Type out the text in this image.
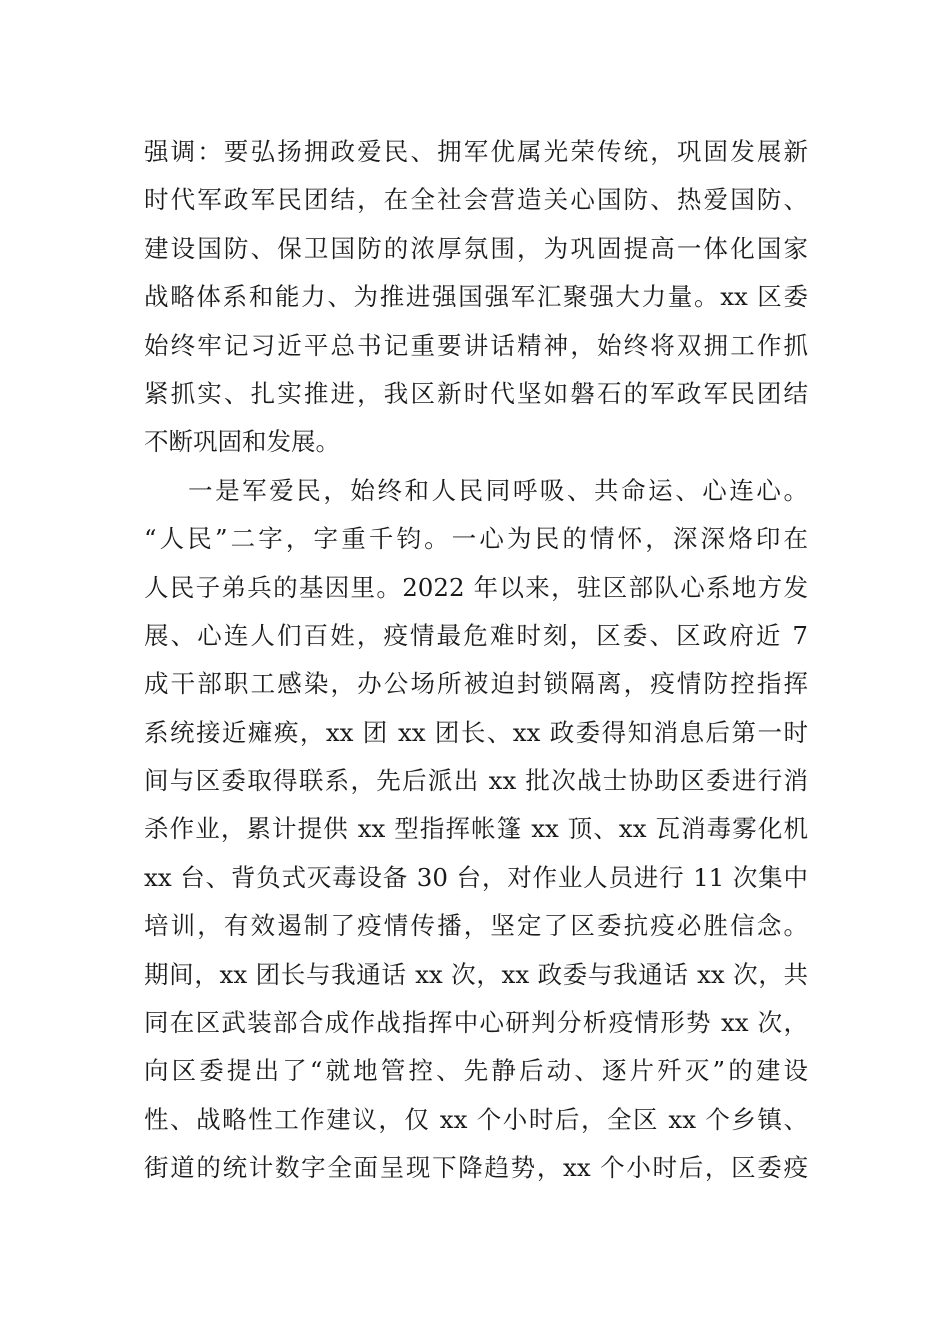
强调：要弘扬拥政爱民、拥军优属光荣传统，巩固发展新
时代军政军民团结，在全社会营造关心国防、热爱国防、
建设国防、保卫国防的浓厚氛围，为巩固提高一体化国家
战略体系和能力、为推进强国强军汇聚强大力量。xx 区委
始终牢记习近平总书记重要讲话精神，始终将双拥工作抓
紧抓实、扎实推进，我区新时代坚如磐石的军政军民团结
不断巩固和发展。
一是军爱民，始终和人民同呼吸、共命运、心连心。
“人民”二字，字重千钧。一心为民的情怀，深深烙印在
人民子弟兵的基因里。2022 年以来，驻区部队心系地方发
展、心连人们百姓，疫情最危难时刻，区委、区政府近 7
成干部职工感染，办公场所被迫封锁隔离，疫情防控指挥
系统接近瘫痪，xx 团 xx 团长、xx 政委得知消息后第一时
间与区委取得联系，先后派出 xx 批次战士协助区委进行消
杀作业，累计提供 xx 型指挥帐篷 xx 顶、xx 瓦消毒雾化机
xx 台、背负式灭毒设备 30 台，对作业人员进行 11 次集中
培训，有效遏制了疫情传播，坚定了区委抗疫必胜信念。
期间，xx 团长与我通话 xx 次，xx 政委与我通话 xx 次，共
同在区武装部合成作战指挥中心研判分析疫情形势 xx 次，
向区委提出了“就地管控、先静后动、逐片歼灭”的建设
性、战略性工作建议，仅 xx 个小时后，全区 xx 个乡镇、
街道的统计数字全面呈现下降趋势，xx 个小时后，区委疫
